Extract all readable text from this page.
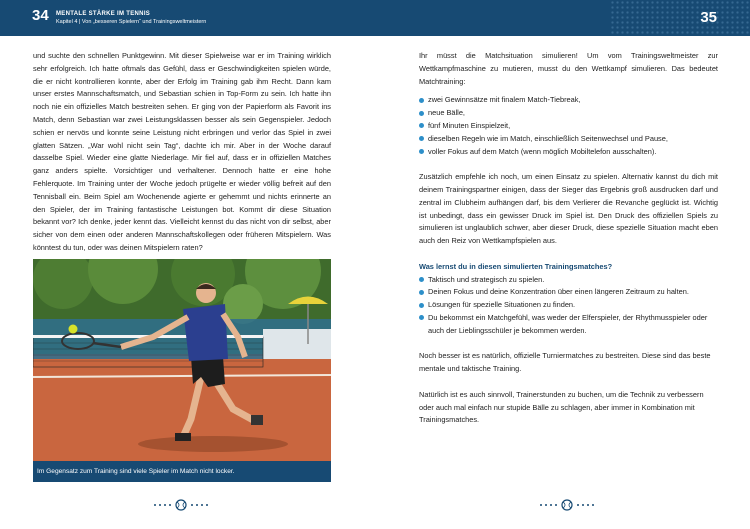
34 MENTALE STÄRKE IM TENNIS
Kapitel 4 | Von „besseren Spielern“ und Trainingsweltmeistern	35

und suchte den schnellen Punktgewinn. Mit dieser Spielweise war er im Training wirklich sehr erfolgreich. Ich hatte oftmals das Gefühl, dass er Geschwindigkeiten spielen würde, die er nicht kontrollieren konnte, aber der Erfolg im Training gab ihm Recht. Dann kam unser erstes Mannschaftsmatch, und Sebastian schien in Top-Form zu sein. Ich hatte ihn noch nie ein offizielles Match bestreiten sehen. Er ging von der Papierform als Favorit ins Match, denn Sebastian war zwei Leistungsklassen besser als sein Gegenspieler. Jedoch schien er nervös und konnte seine Leistung nicht erbringen und verlor das Spiel in zwei glatten Sätzen. „War wohl nicht sein Tag“, dachte ich mir. Aber in der Woche darauf dasselbe Spiel. Wieder eine glatte Niederlage. Mir fiel auf, dass er in offiziellen Matches ganz anders spielte. Vorsichtiger und verhaltener. Dennoch hatte er eine hohe Fehlerquote. Im Training unter der Woche jedoch prügelte er wieder völlig befreit auf den Tennisball ein. Beim Spiel am Wochenende agierte er gehemmt und nichts erinnerte an den Spieler, der im Training fantastische Leistungen bot. Kommt dir diese Situation bekannt vor? Ich denke, jeder kennt das. Vielleicht kennst du das nicht von dir selbst, aber sicher von dem einen oder anderen Mannschaftskollegen oder früheren Mitspielern. Was könntest du tun, oder was deinen Mitspielern raten?

Im Gegensatz zum Training sind viele Spieler im Match nicht locker.

Ihr müsst die Matchsituation simulieren! Um vom Trainingsweltmeister zur Wettkampfmaschine zu mutieren, musst du den Wettkampf simulieren. Das bedeutet Matchtraining:

zwei Gewinnsätze mit finalem Match-Tiebreak,
neue Bälle,
fünf Minuten Einspielzeit,
dieselben Regeln wie im Match, einschließlich Seitenwechsel und Pause,
voller Fokus auf dem Match (wenn möglich Mobiltelefon ausschalten).

Zusätzlich empfehle ich noch, um einen Einsatz zu spielen. Alternativ kannst du dich mit deinem Trainingspartner einigen, dass der Sieger das Ergebnis groß ausdrucken darf und zentral im Clubheim aufhängen darf, bis dem Verlierer die Revanche geglückt ist. Wichtig ist unbedingt, dass ein gewisser Druck im Spiel ist. Den Druck des offiziellen Spiels zu simulieren ist unglaublich schwer, aber dieser Druck, diese spezielle Situation macht eben auch den Reiz von Wettkampfspielen aus.

Was lernst du in diesen simulierten Trainingsmatches?

Taktisch und strategisch zu spielen.
Deinen Fokus und deine Konzentration über einen längeren Zeitraum zu halten.
Lösungen für spezielle Situationen zu finden.
Du bekommst ein Matchgefühl, was weder der Elferspieler, der Rhythmusspieler oder auch der Lieblingsschüler je bekommen werden.

Noch besser ist es natürlich, offizielle Turniermatches zu bestreiten. Diese sind das beste mentale und taktische Training.

Natürlich ist es auch sinnvoll, Trainerstunden zu buchen, um die Technik zu verbessern oder auch mal einfach nur stupide Bälle zu schlagen, aber immer in Kombination mit Trainingsmatches.
